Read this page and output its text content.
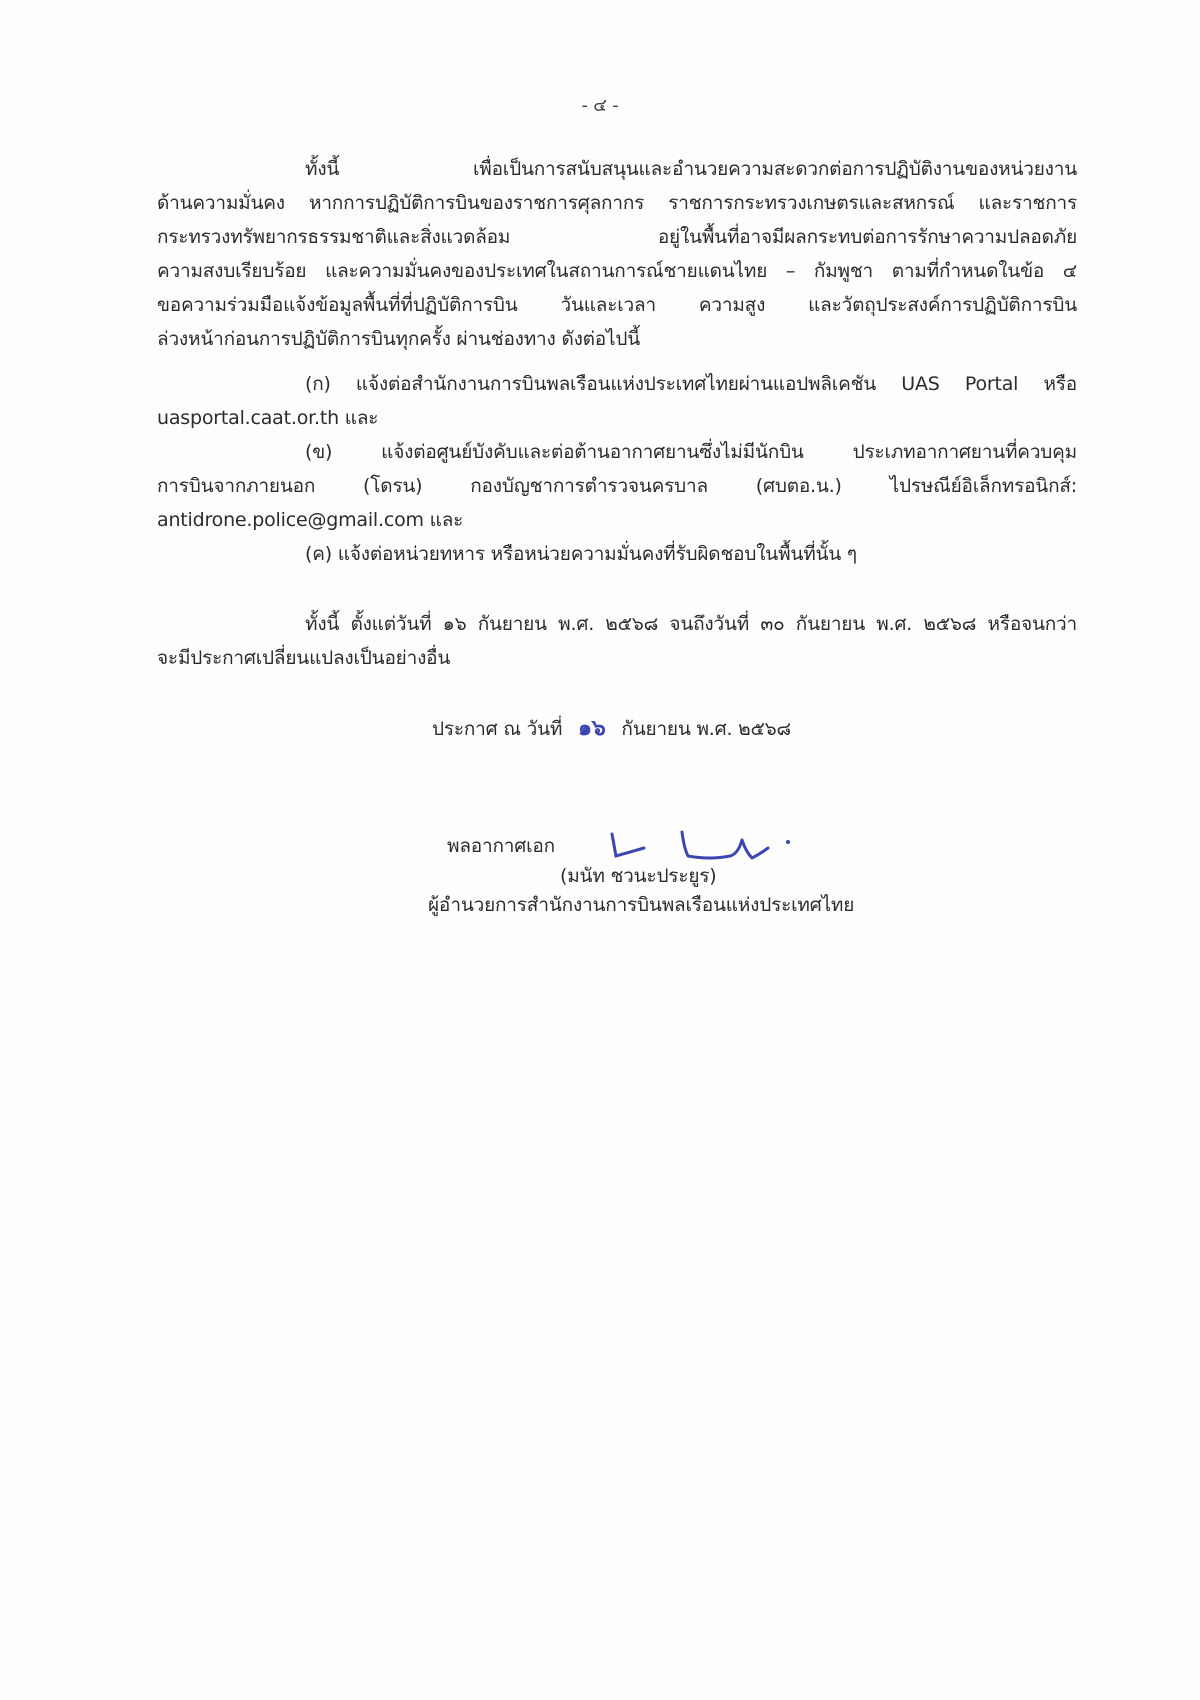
- ๔ -
ทั้งนี้ เพื่อเป็นการสนับสนุนและอำนวยความสะดวกต่อการปฏิบัติงานของหน่วยงาน
ด้านความมั่นคง หากการปฏิบัติการบินของราชการศุลกากร ราชการกระทรวงเกษตรและสหกรณ์ และราชการ
กระทรวงทรัพยากรธรรมชาติและสิ่งแวดล้อม อยู่ในพื้นที่อาจมีผลกระทบต่อการรักษาความปลอดภัย
ความสงบเรียบร้อย และความมั่นคงของประเทศในสถานการณ์ชายแดนไทย – กัมพูชา ตามที่กำหนดในข้อ ๔
ขอความร่วมมือแจ้งข้อมูลพื้นที่ที่ปฏิบัติการบิน วันและเวลา ความสูง และวัตถุประสงค์การปฏิบัติการบิน
ล่วงหน้าก่อนการปฏิบัติการบินทุกครั้ง ผ่านช่องทาง ดังต่อไปนี้
(ก) แจ้งต่อสำนักงานการบินพลเรือนแห่งประเทศไทยผ่านแอปพลิเคชัน UAS Portal หรือ
uasportal.caat.or.th และ
(ข) แจ้งต่อศูนย์บังคับและต่อต้านอากาศยานซึ่งไม่มีนักบิน ประเภทอากาศยานที่ควบคุม
การบินจากภายนอก (โดรน) กองบัญชาการตำรวจนครบาล (ศบตอ.น.) ไปรษณีย์อิเล็กทรอนิกส์:
antidrone.police@gmail.com และ
(ค) แจ้งต่อหน่วยทหาร หรือหน่วยความมั่นคงที่รับผิดชอบในพื้นที่นั้น ๆ
ทั้งนี้ ตั้งแต่วันที่ ๑๖ กันยายน พ.ศ. ๒๕๖๘ จนถึงวันที่ ๓๐ กันยายน พ.ศ. ๒๕๖๘ หรือจนกว่า
จะมีประกาศเปลี่ยนแปลงเป็นอย่างอื่น
ประกาศ ณ วันที่ ๑๖ กันยายน พ.ศ. ๒๕๖๘
พลอากาศเอก
(มนัท ชวนะประยูร)
ผู้อำนวยการสำนักงานการบินพลเรือนแห่งประเทศไทย
